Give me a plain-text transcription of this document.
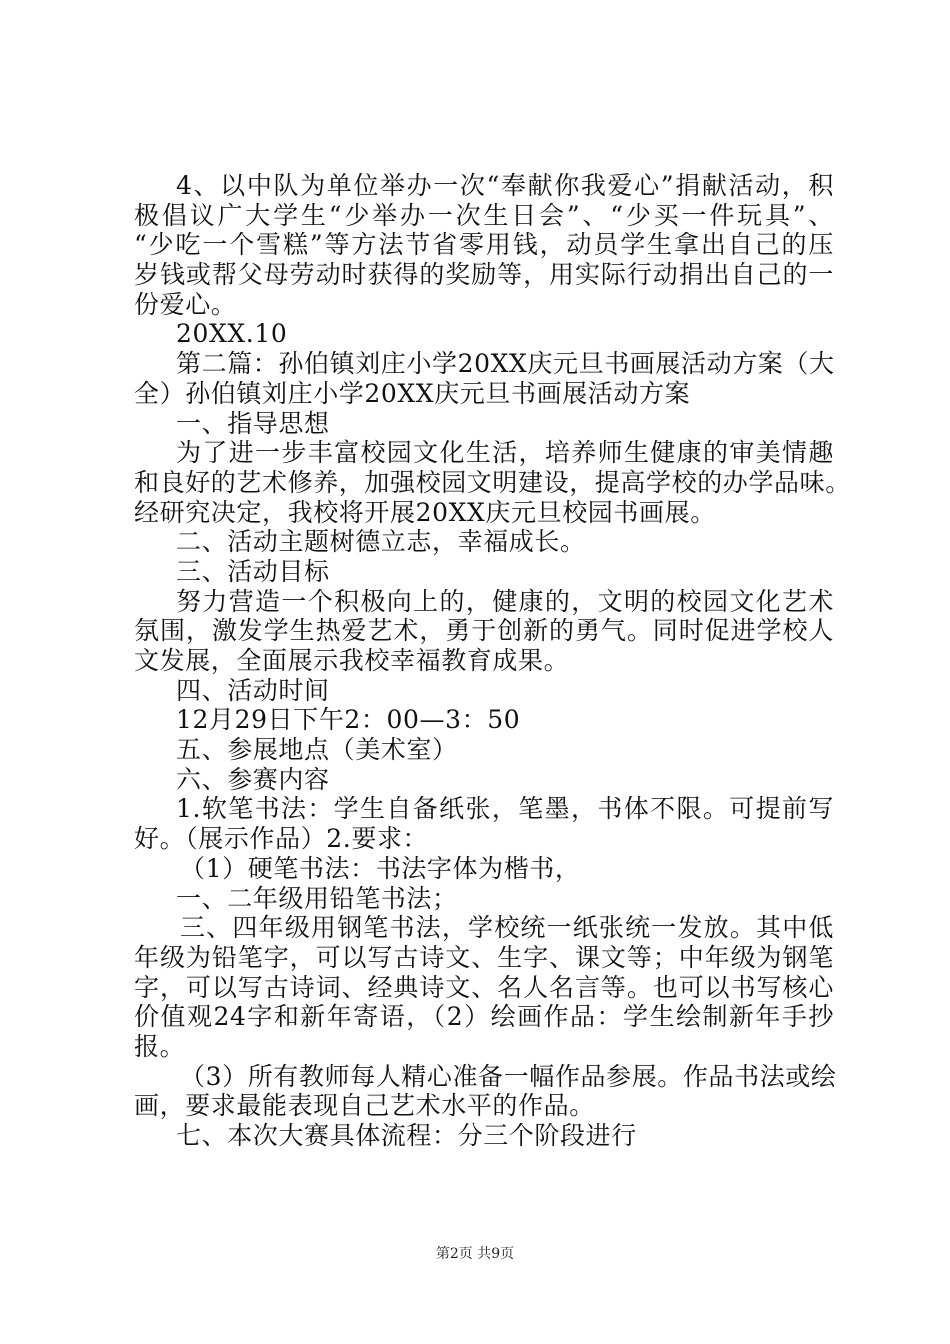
4、以中队为单位举办一次“奉献你我爱心”捐献活动，积
极倡议广大学生“少举办一次生日会”、“少买一件玩具”、
“少吃一个雪糕”等方法节省零用钱，动员学生拿出自己的压
岁钱或帮父母劳动时获得的奖励等，用实际行动捐出自己的一
份爱心。
20XX.10
第二篇：孙伯镇刘庄小学20XX庆元旦书画展活动方案（大
全）孙伯镇刘庄小学20XX庆元旦书画展活动方案
一、指导思想
为了进一步丰富校园文化生活，培养师生健康的审美情趣
和良好的艺术修养，加强校园文明建设，提高学校的办学品味。
经研究决定，我校将开展20XX庆元旦校园书画展。
二、活动主题树德立志，幸福成长。
三、活动目标
努力营造一个积极向上的，健康的，文明的校园文化艺术
氛围，激发学生热爱艺术，勇于创新的勇气。同时促进学校人
文发展，全面展示我校幸福教育成果。
四、活动时间
12月29日下午2：00—3：50
五、参展地点（美术室）
六、参赛内容
1.软笔书法：学生自备纸张，笔墨，书体不限。可提前写
好。（展示作品）2.要求：
（1）硬笔书法：书法字体为楷书，
一、二年级用铅笔书法；
三、四年级用钢笔书法，学校统一纸张统一发放。其中低
年级为铅笔字，可以写古诗文、生字、课文等；中年级为钢笔
字，可以写古诗词、经典诗文、名人名言等。也可以书写核心
价值观24字和新年寄语，（2）绘画作品：学生绘制新年手抄
报。
（3）所有教师每人精心准备一幅作品参展。作品书法或绘
画，要求最能表现自己艺术水平的作品。
七、本次大赛具体流程：分三个阶段进行
第2页 共9页
